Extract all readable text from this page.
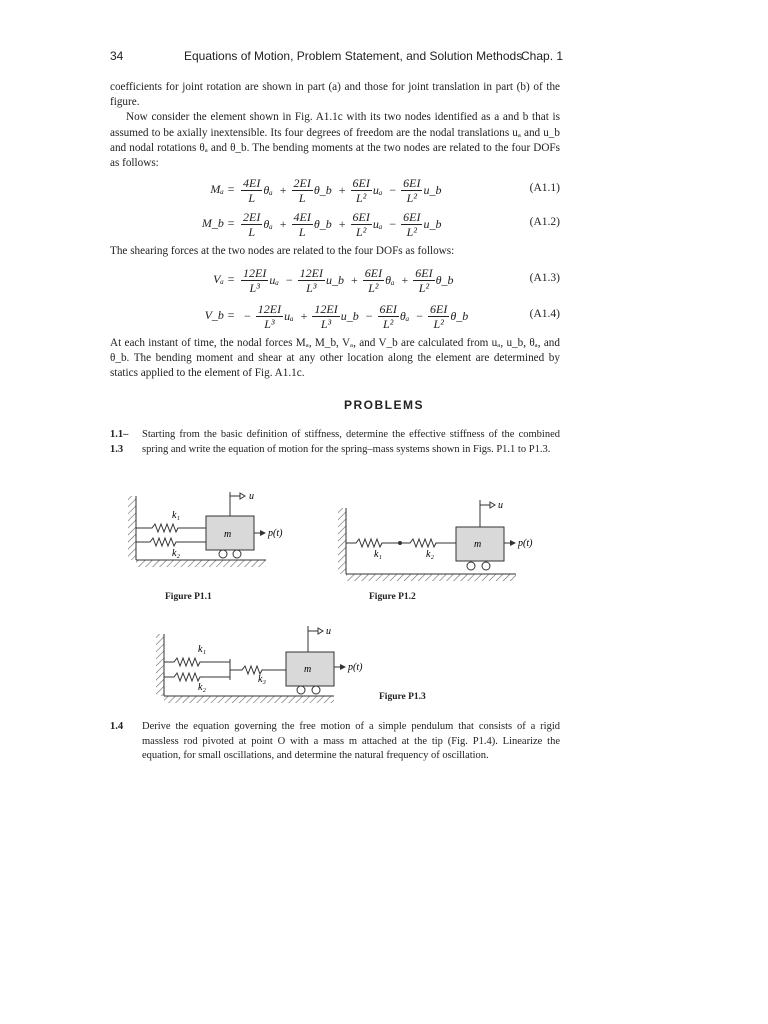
34	Equations of Motion, Problem Statement, and Solution Methods
Chap. 1

coefficients for joint rotation are shown in part (a) and those for joint translation in part (b) of the figure.

Now consider the element shown in Fig. A1.1c with its two nodes identified as a and b that is assumed to be axially inextensible. Its four degrees of freedom are the nodal translations uₐ and u_b and nodal rotations θₐ and θ_b. The bending moments at the two nodes are related to the four DOFs as follows:

$M_a = \frac{4EI}{L}$ $\theta_a + \frac{2EI}{L}$ θ_b + $\frac{6EI}{\text{L²}}$ $u_a - \frac{6EI}{\text{L²}}$ u_b	(A1.1)
M_b = $\frac{2EI}{L}$ $\theta_a + \frac{4EI}{L}$ θ_b + $\frac{6EI}{\text{L²}}$ $u_a - \frac{6EI}{\text{L²}}$ u_b	(A1.2)
The shearing forces at the two nodes are related to the four DOFs as follows:
$V_a = \frac{12EI}{\text{L³}}$ $u_a - \frac{12EI}{\text{L³}}$ u_b + $\frac{6EI}{\text{L²}}$ $\theta_a + \frac{6EI}{\text{L²}}$ θ_b	(A1.3)
V_b = − $\frac{12EI}{\text{L³}}$ $u_a + \frac{12EI}{\text{L³}}$ u_b − $\frac{6EI}{\text{L²}}$ $\theta_a - \frac{6EI}{\text{L²}}$ θ_b	(A1.4)
At each instant of time, the nodal forces Mₐ, M_b, Vₐ, and V_b are calculated from uₐ, u_b, θₐ, and θ_b. The bending moment and shear at any other location along the element are determined by statics applied to the element of Fig. A1.1c.
PROBLEMS
1.1–
1.3
Starting from the basic definition of stiffness, determine the effective stiffness of the combined spring and write the equation of motion for the spring–mass systems shown in Figs. P1.1 to P1.3.
k₁
k₂
m
u
p(t)
Figure P1.1
k₁	k₂
m
u
p(t)
Figure P1.2
k₁
k₂
k₃
m
u
p(t)
Figure P1.3
1.4	Derive the equation governing the free motion of a simple pendulum that consists of a rigid massless rod pivoted at point O with a mass m attached at the tip (Fig. P1.4). Linearize the equation, for small oscillations, and determine the natural frequency of oscillation.
